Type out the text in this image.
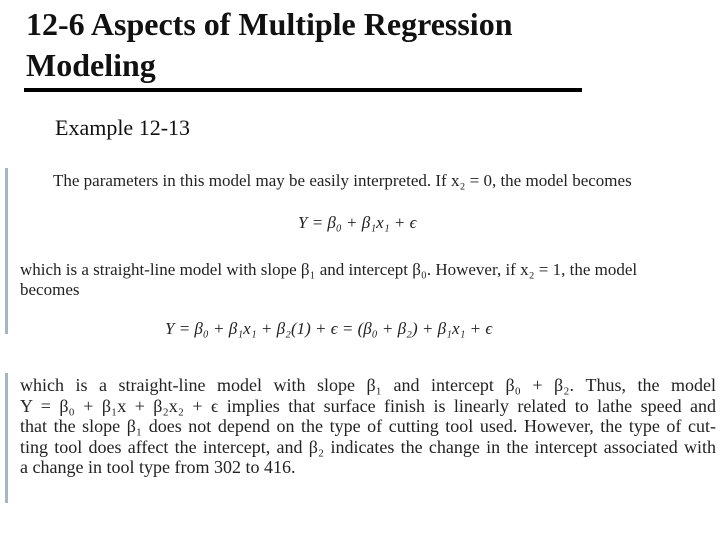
12-6 Aspects of Multiple Regression
Modeling
Example 12-13
The parameters in this model may be easily interpreted. If x₂ = 0, the model becomes
Y = β₀ + β₁x₁ + ϵ
which is a straight-line model with slope β₁ and intercept β₀. However, if x₂ = 1, the model
becomes
Y = β₀ + β₁x₁ + β₂(1) + ϵ = (β₀ + β₂) + β₁x₁ + ϵ
which is a straight-line model with slope β₁ and intercept β₀ + β₂. Thus, the model
Y = β₀ + β₁x + β₂x₂ + ϵ implies that surface finish is linearly related to lathe speed and
that the slope β₁ does not depend on the type of cutting tool used. However, the type of cut-
ting tool does affect the intercept, and β₂ indicates the change in the intercept associated with
a change in tool type from 302 to 416.
